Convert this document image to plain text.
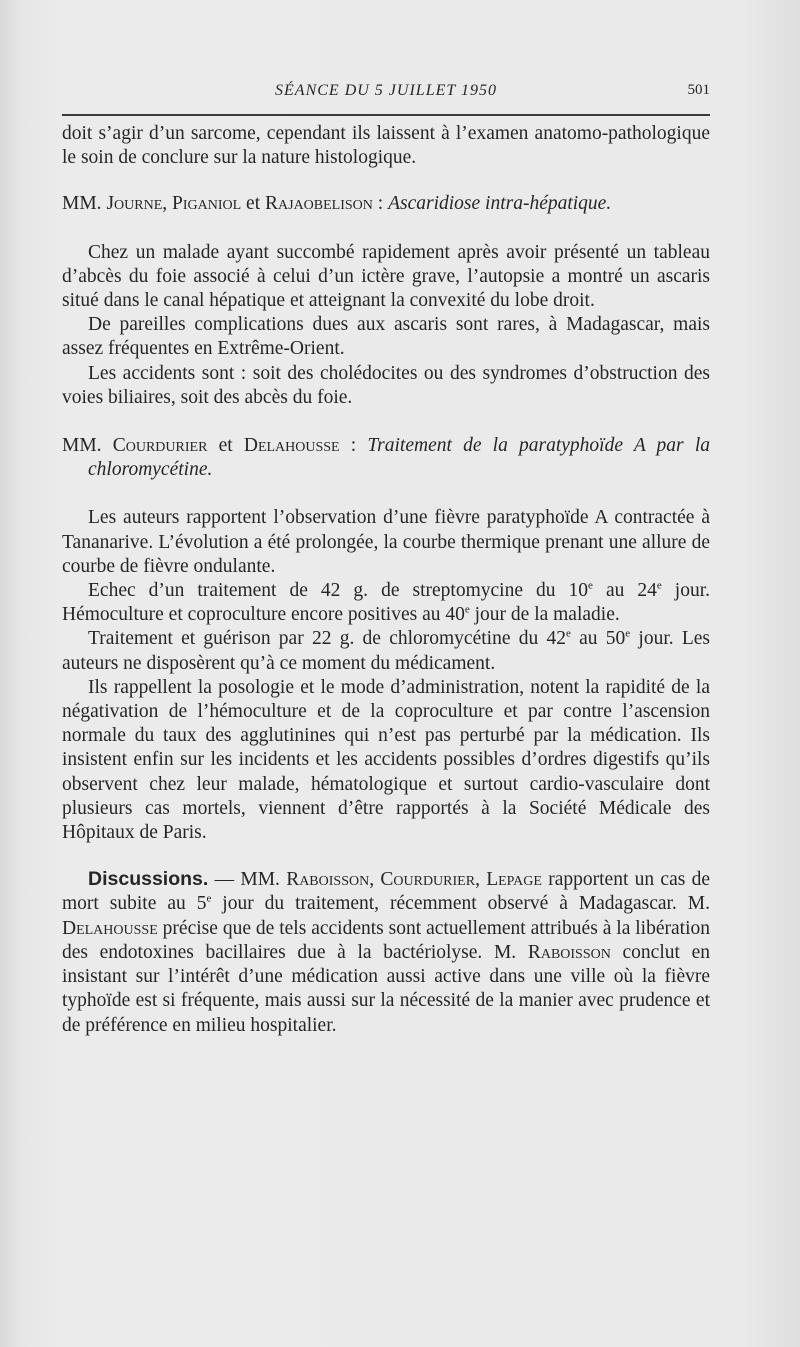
SÉANCE DU 5 JUILLET 1950	501

doit s’agir d’un sarcome, cependant ils laissent à l’examen anatomo-pathologique le soin de conclure sur la nature histologique.

MM. Journe, Piganiol et Rajaobelison : Ascaridiose intra-hépatique.

Chez un malade ayant succombé rapidement après avoir présenté un tableau d’abcès du foie associé à celui d’un ictère grave, l’autopsie a montré un ascaris situé dans le canal hépatique et atteignant la convexité du lobe droit.

De pareilles complications dues aux ascaris sont rares, à Madagascar, mais assez fréquentes en Extrême-Orient.

Les accidents sont : soit des cholédocites ou des syndromes d’obstruction des voies biliaires, soit des abcès du foie.

MM. Courdurier et Delahousse : Traitement de la paratyphoïde A par la chloromycétine.

Les auteurs rapportent l’observation d’une fièvre paratyphoïde A contractée à Tananarive. L’évolution a été prolongée, la courbe thermique prenant une allure de courbe de fièvre ondulante.

Echec d’un traitement de 42 g. de streptomycine du 10e au 24e jour. Hémoculture et coproculture encore positives au 40e jour de la maladie.

Traitement et guérison par 22 g. de chloromycétine du 42e au 50e jour. Les auteurs ne disposèrent qu’à ce moment du médicament.

Ils rappellent la posologie et le mode d’administration, notent la rapidité de la négativation de l’hémoculture et de la coproculture et par contre l’ascension normale du taux des agglutinines qui n’est pas perturbé par la médication. Ils insistent enfin sur les incidents et les accidents possibles d’ordres digestifs qu’ils observent chez leur malade, hématologique et surtout cardio-vasculaire dont plusieurs cas mortels, viennent d’être rapportés à la Société Médicale des Hôpitaux de Paris.

Discussions. — MM. Raboisson, Courdurier, Lepage rapportent un cas de mort subite au 5e jour du traitement, récemment observé à Madagascar. M. Delahousse précise que de tels accidents sont actuellement attribués à la libération des endotoxines bacillaires due à la bactériolyse. M. Raboisson conclut en insistant sur l’intérêt d’une médication aussi active dans une ville où la fièvre typhoïde est si fréquente, mais aussi sur la nécessité de la manier avec prudence et de préférence en milieu hospitalier.
